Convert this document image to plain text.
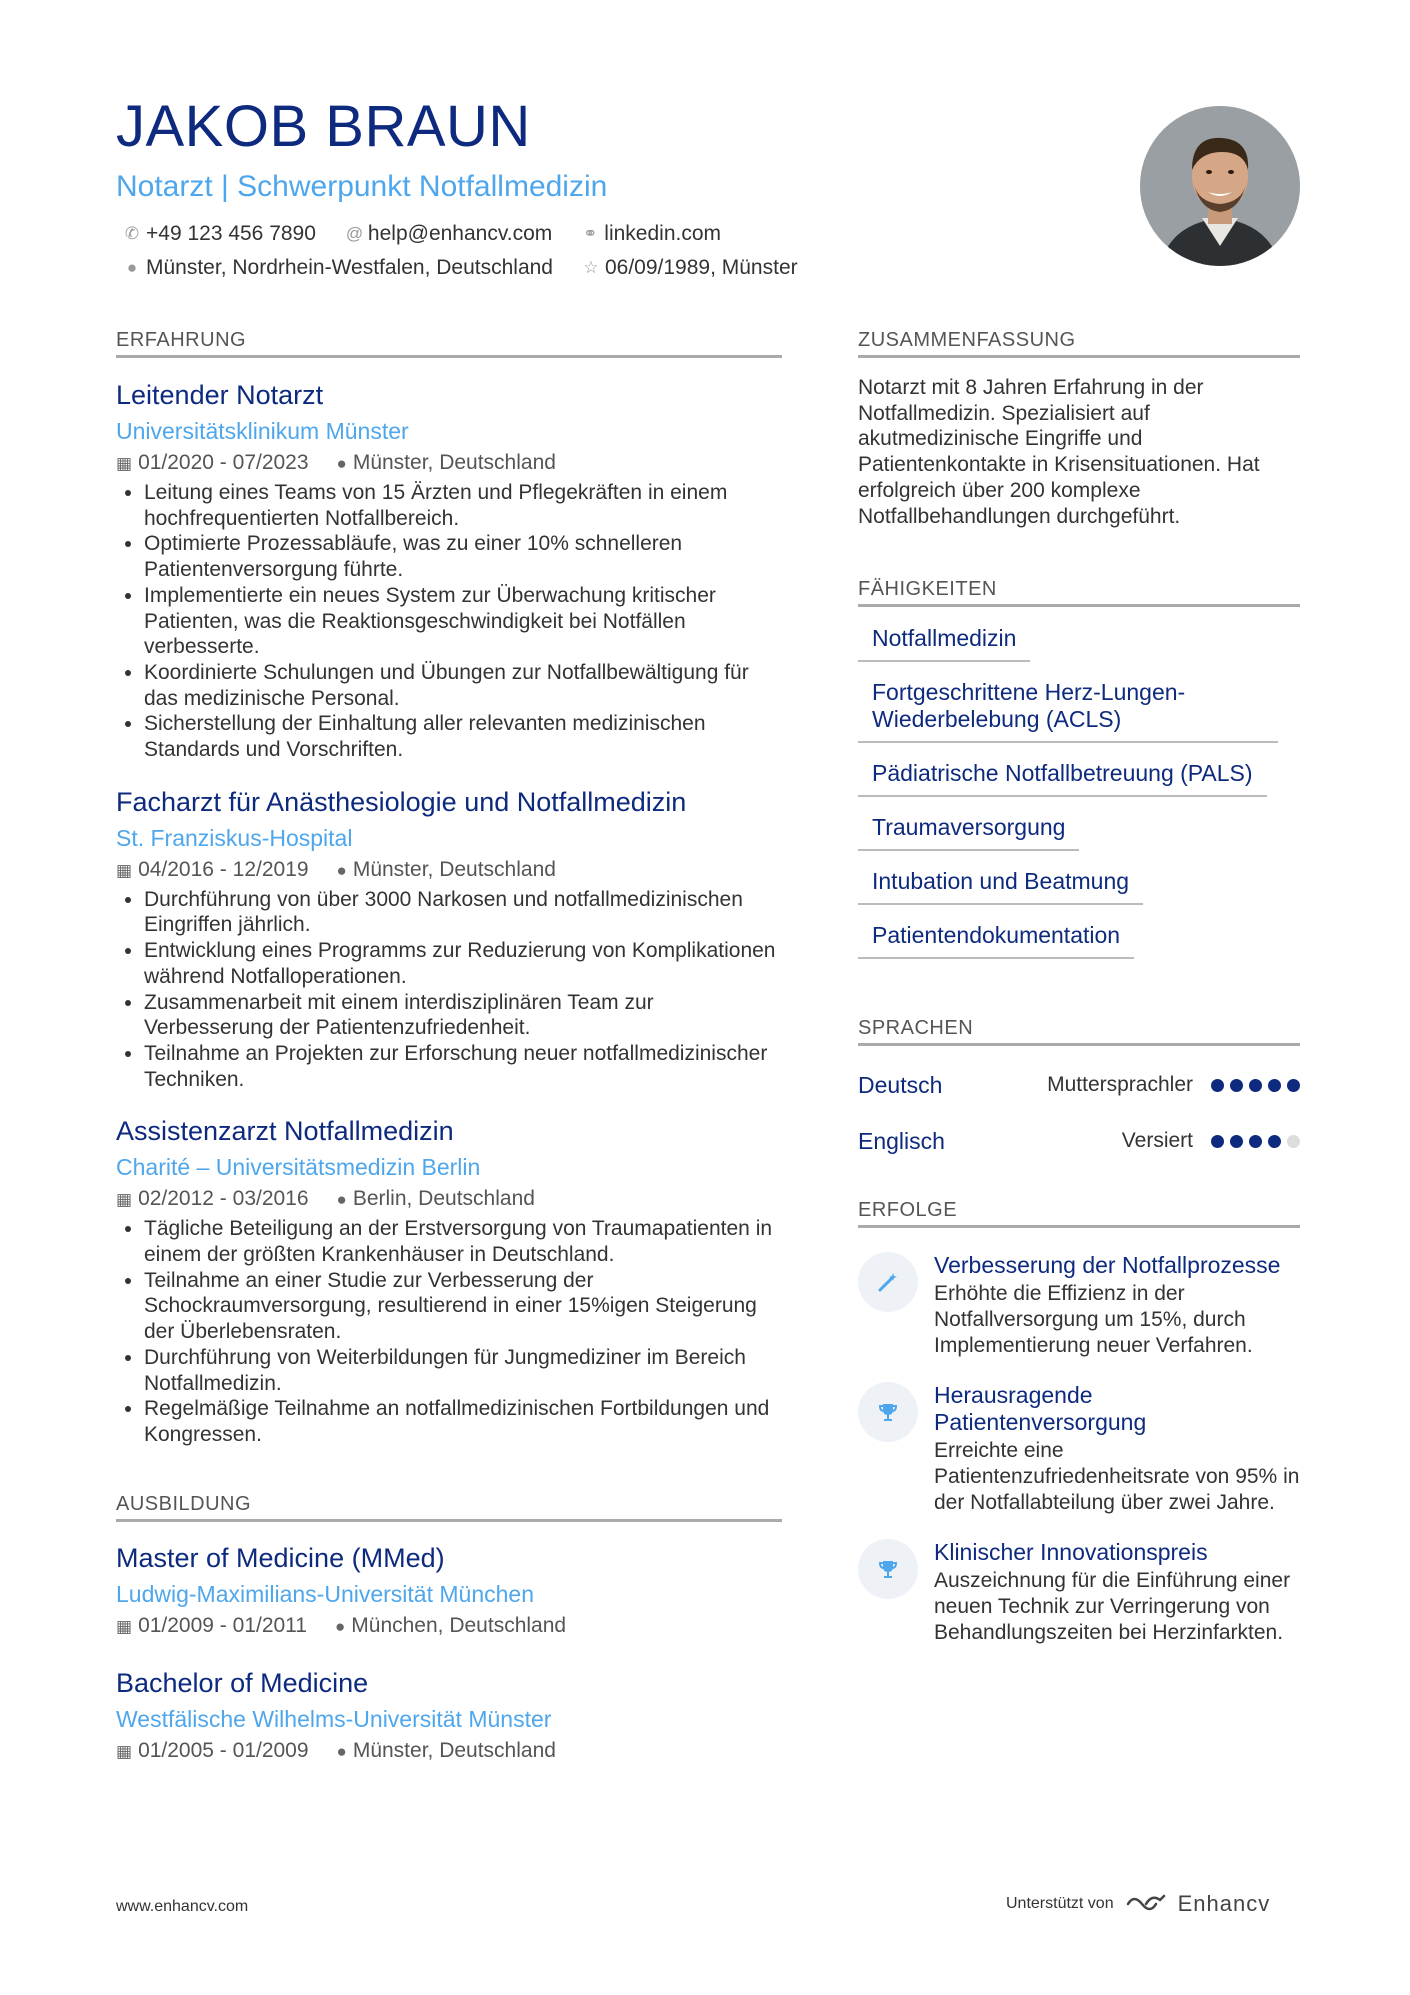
JAKOB BRAUN
Notarzt | Schwerpunkt Notfallmedizin
✆ +49 123 456 7890 @ help@enhancv.com ⚭ linkedin.com
● Münster, Nordrhein-Westfalen, Deutschland ☆ 06/09/1989, Münster
ERFAHRUNG
Leitender Notarzt
Universitätsklinikum Münster
▦ 01/2020 - 07/2023 ● Münster, Deutschland
• Leitung eines Teams von 15 Ärzten und Pflegekräften in einem hochfrequentierten Notfallbereich.
• Optimierte Prozessabläufe, was zu einer 10% schnelleren Patientenversorgung führte.
• Implementierte ein neues System zur Überwachung kritischer Patienten, was die Reaktionsgeschwindigkeit bei Notfällen verbesserte.
• Koordinierte Schulungen und Übungen zur Notfallbewältigung für das medizinische Personal.
• Sicherstellung der Einhaltung aller relevanten medizinischen Standards und Vorschriften.
Facharzt für Anästhesiologie und Notfallmedizin
St. Franziskus-Hospital
▦ 04/2016 - 12/2019 ● Münster, Deutschland
• Durchführung von über 3000 Narkosen und notfallmedizinischen Eingriffen jährlich.
• Entwicklung eines Programms zur Reduzierung von Komplikationen während Notfalloperationen.
• Zusammenarbeit mit einem interdisziplinären Team zur Verbesserung der Patientenzufriedenheit.
• Teilnahme an Projekten zur Erforschung neuer notfallmedizinischer Techniken.
Assistenzarzt Notfallmedizin
Charité – Universitätsmedizin Berlin
▦ 02/2012 - 03/2016 ● Berlin, Deutschland
• Tägliche Beteiligung an der Erstversorgung von Traumapatienten in einem der größten Krankenhäuser in Deutschland.
• Teilnahme an einer Studie zur Verbesserung der Schockraumversorgung, resultierend in einer 15%igen Steigerung der Überlebensraten.
• Durchführung von Weiterbildungen für Jungmediziner im Bereich Notfallmedizin.
• Regelmäßige Teilnahme an notfallmedizinischen Fortbildungen und Kongressen.
AUSBILDUNG
Master of Medicine (MMed)
Ludwig-Maximilians-Universität München
▦ 01/2009 - 01/2011 ● München, Deutschland
Bachelor of Medicine
Westfälische Wilhelms-Universität Münster
▦ 01/2005 - 01/2009 ● Münster, Deutschland
ZUSAMMENFASSUNG
Notarzt mit 8 Jahren Erfahrung in der Notfallmedizin. Spezialisiert auf akutmedizinische Eingriffe und Patientenkontakte in Krisensituationen. Hat erfolgreich über 200 komplexe Notfallbehandlungen durchgeführt.
FÄHIGKEITEN
Notfallmedizin
Fortgeschrittene Herz-Lungen-Wiederbelebung (ACLS)
Pädiatrische Notfallbetreuung (PALS)
Traumaversorgung
Intubation und Beatmung
Patientendokumentation
SPRACHEN
Deutsch	Muttersprachler
Englisch	Versiert
ERFOLGE
Verbesserung der Notfallprozesse
Erhöhte die Effizienz in der Notfallversorgung um 15%, durch Implementierung neuer Verfahren.
Herausragende Patientenversorgung
Erreichte eine Patientenzufriedenheitsrate von 95% in der Notfallabteilung über zwei Jahre.
Klinischer Innovationspreis
Auszeichnung für die Einführung einer neuen Technik zur Verringerung von Behandlungszeiten bei Herzinfarkten.
www.enhancv.com	Unterstützt von	Enhancv
